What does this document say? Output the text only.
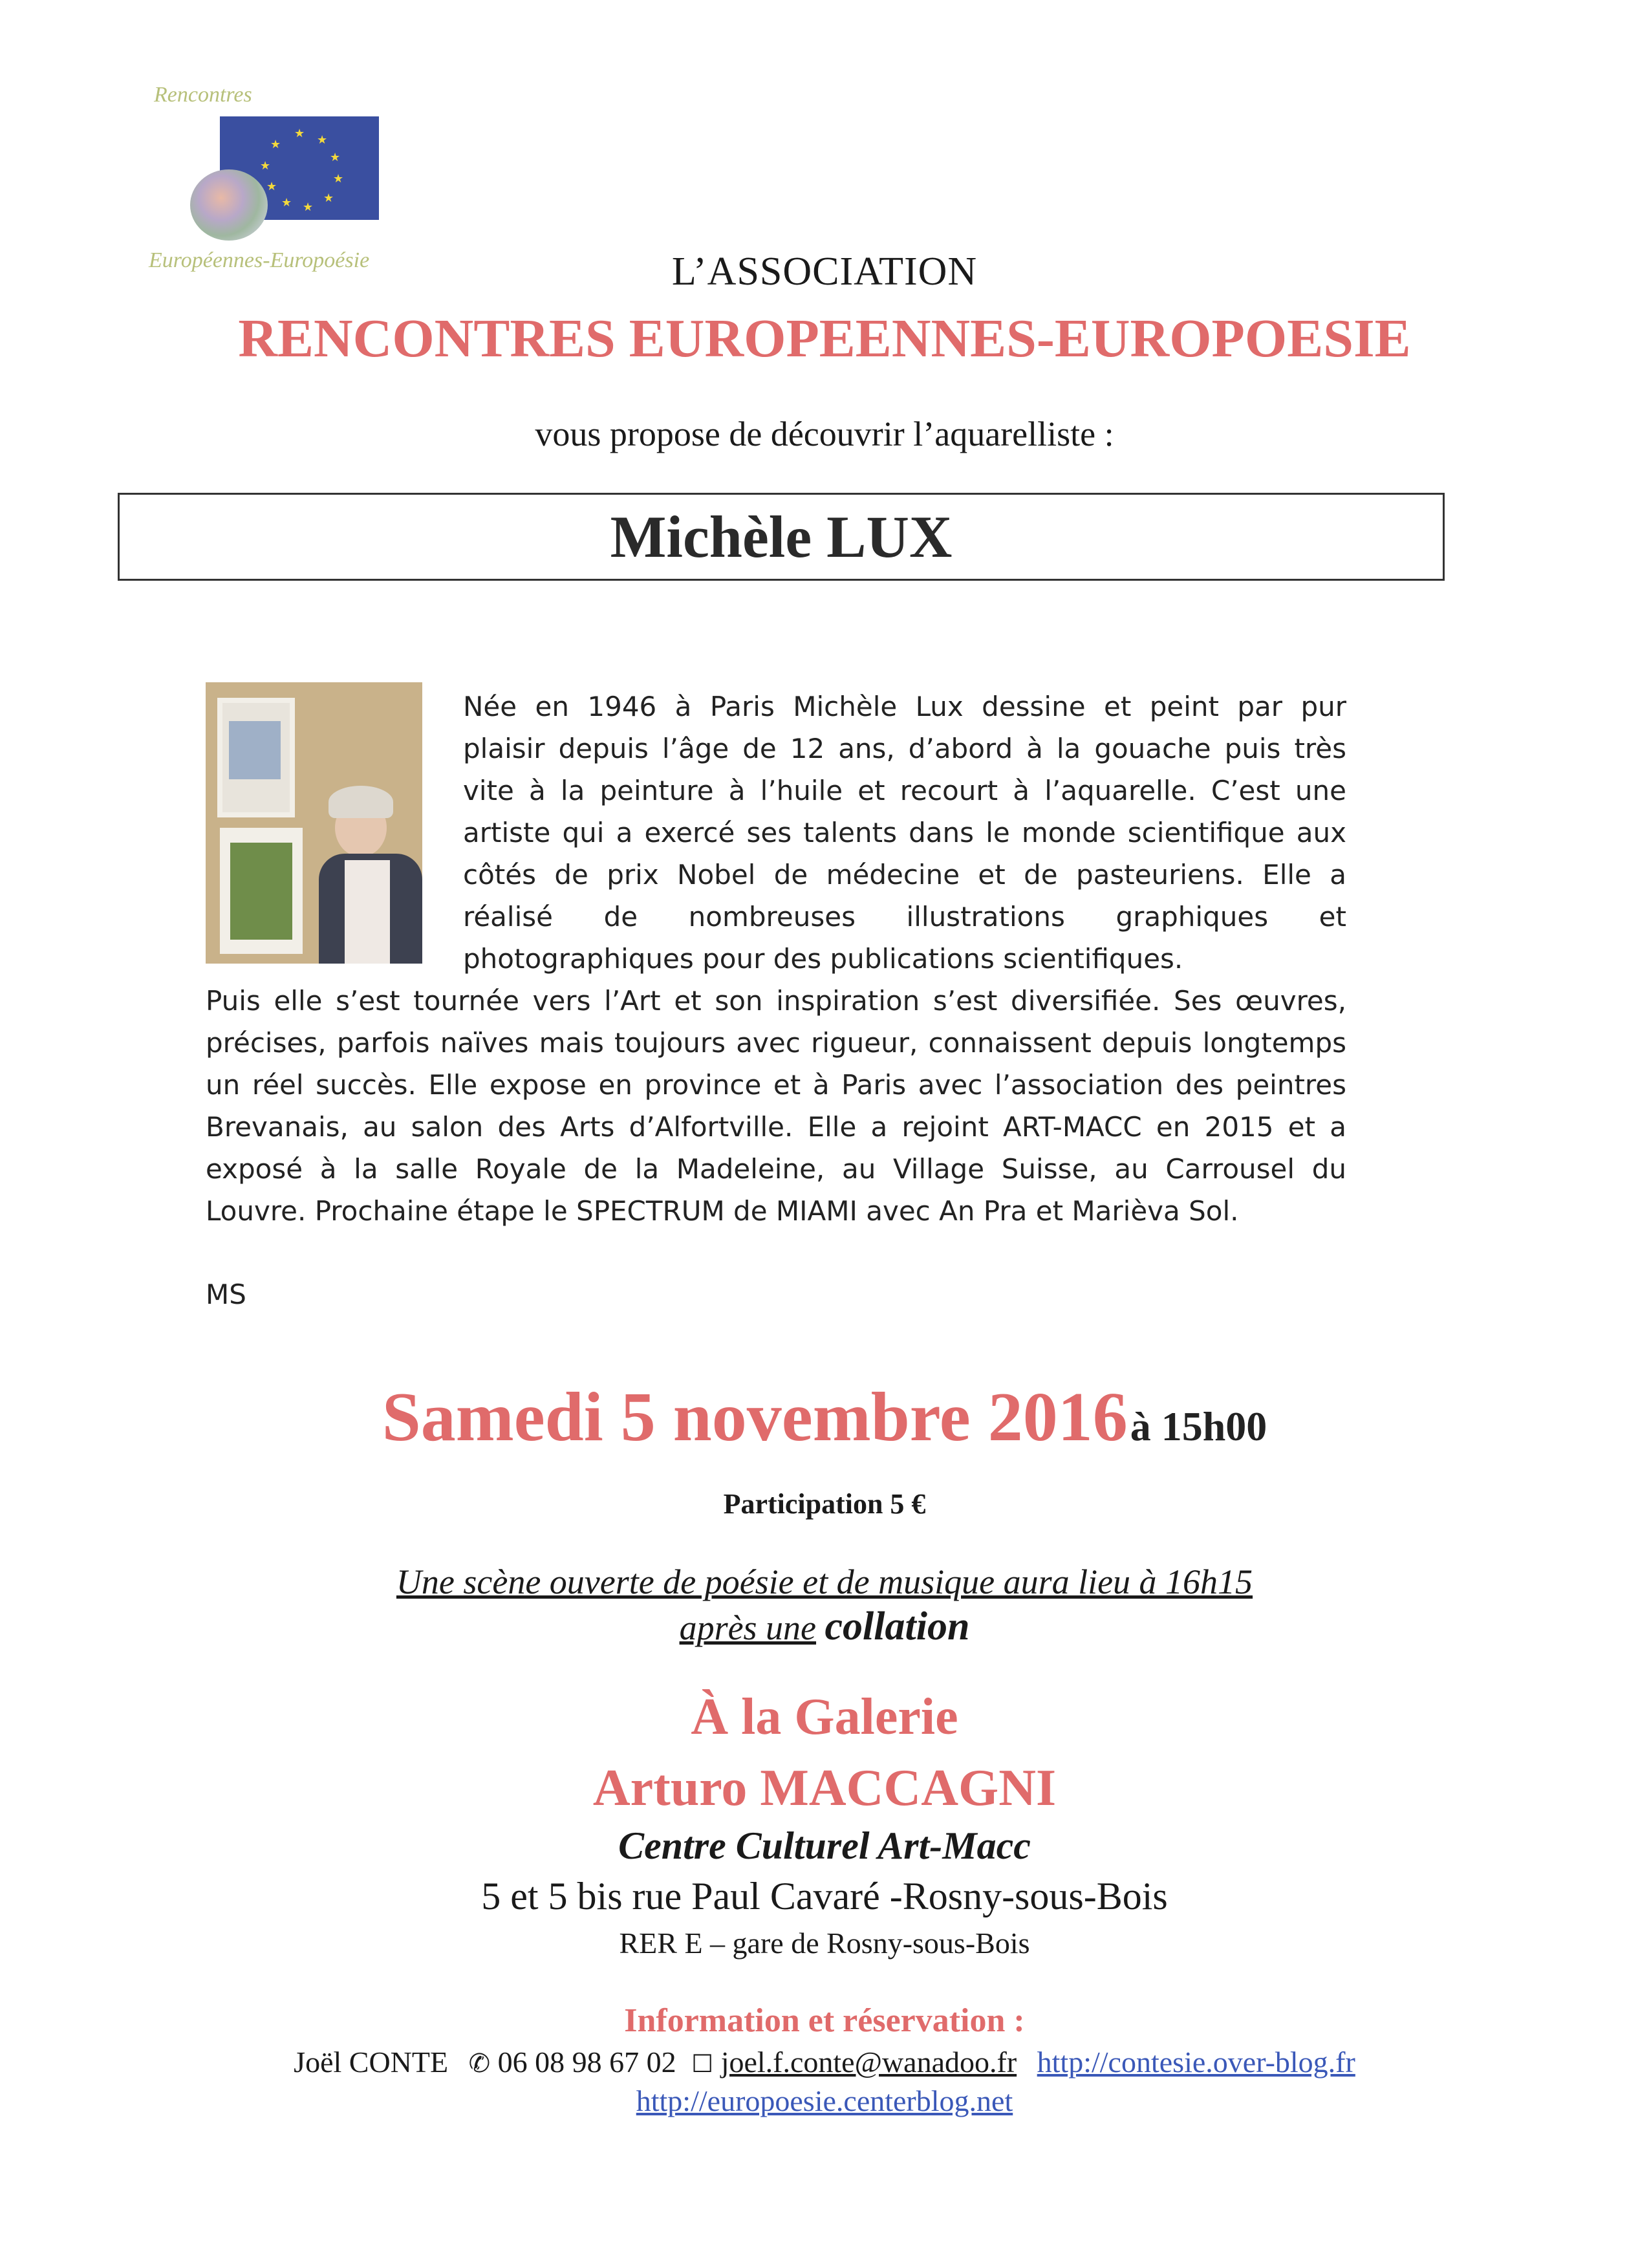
Rencontres
★ ★
★
★
★
★
★
★
★
★
Européennes-Europoésie	L’ASSOCIATION
RENCONTRES EUROPEENNES-EUROPOESIE
vous propose de découvrir l’aquarelliste :
Michèle LUX
Née en 1946 à Paris Michèle Lux dessine et peint par pur
plaisir depuis l’âge de 12 ans, d’abord à la gouache puis très
vite à la peinture à l’huile et recourt à l’aquarelle. C’est une
artiste qui a exercé ses talents dans le monde scientifique aux
côtés de prix Nobel de médecine et de pasteuriens. Elle a
réalisé de nombreuses illustrations graphiques et
photographiques pour des publications scientifiques.
Puis elle s’est tournée vers l’Art et son inspiration s’est diversifiée. Ses œuvres,
précises, parfois naïves mais toujours avec rigueur, connaissent depuis longtemps
un réel succès. Elle expose en province et à Paris avec l’association des peintres
Brevanais, au salon des Arts d’Alfortville. Elle a rejoint ART-MACC en 2015 et a
exposé à la salle Royale de la Madeleine, au Village Suisse, au Carrousel du
Louvre. Prochaine étape le SPECTRUM de MIAMI avec An Pra et Marièva Sol.
MS
Samedi 5 novembre 2016 à 15h00
Participation 5 €
Une scène ouverte de poésie et de musique aura lieu à 16h15
après une collation
À la Galerie
Arturo MACCAGNI
Centre Culturel Art-Macc
5 et 5 bis rue Paul Cavaré -Rosny-sous-Bois
RER E – gare de Rosny-sous-Bois
Information et réservation :
Joël CONTE ✆ 06 08 98 67 02 ☐ joel.f.conte@wanadoo.fr http://contesie.over-blog.fr
http://europoesie.centerblog.net
